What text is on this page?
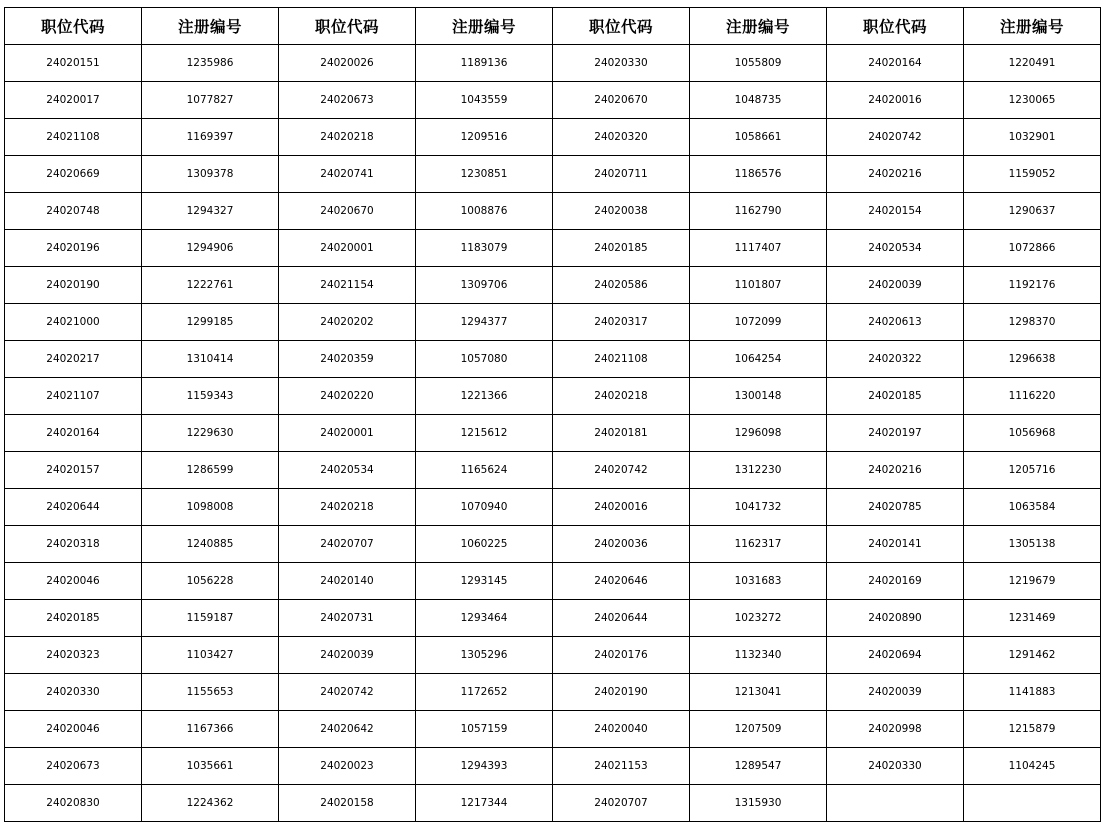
职位代码	注册编号	职位代码	注册编号	职位代码	注册编号	职位代码	注册编号
24020151	1235986	24020026	1189136	24020330	1055809	24020164	1220491
24020017	1077827	24020673	1043559	24020670	1048735	24020016	1230065
24021108	1169397	24020218	1209516	24020320	1058661	24020742	1032901
24020669	1309378	24020741	1230851	24020711	1186576	24020216	1159052
24020748	1294327	24020670	1008876	24020038	1162790	24020154	1290637
24020196	1294906	24020001	1183079	24020185	1117407	24020534	1072866
24020190	1222761	24021154	1309706	24020586	1101807	24020039	1192176
24021000	1299185	24020202	1294377	24020317	1072099	24020613	1298370
24020217	1310414	24020359	1057080	24021108	1064254	24020322	1296638
24021107	1159343	24020220	1221366	24020218	1300148	24020185	1116220
24020164	1229630	24020001	1215612	24020181	1296098	24020197	1056968
24020157	1286599	24020534	1165624	24020742	1312230	24020216	1205716
24020644	1098008	24020218	1070940	24020016	1041732	24020785	1063584
24020318	1240885	24020707	1060225	24020036	1162317	24020141	1305138
24020046	1056228	24020140	1293145	24020646	1031683	24020169	1219679
24020185	1159187	24020731	1293464	24020644	1023272	24020890	1231469
24020323	1103427	24020039	1305296	24020176	1132340	24020694	1291462
24020330	1155653	24020742	1172652	24020190	1213041	24020039	1141883
24020046	1167366	24020642	1057159	24020040	1207509	24020998	1215879
24020673	1035661	24020023	1294393	24021153	1289547	24020330	1104245
24020830	1224362	24020158	1217344	24020707	1315930		
